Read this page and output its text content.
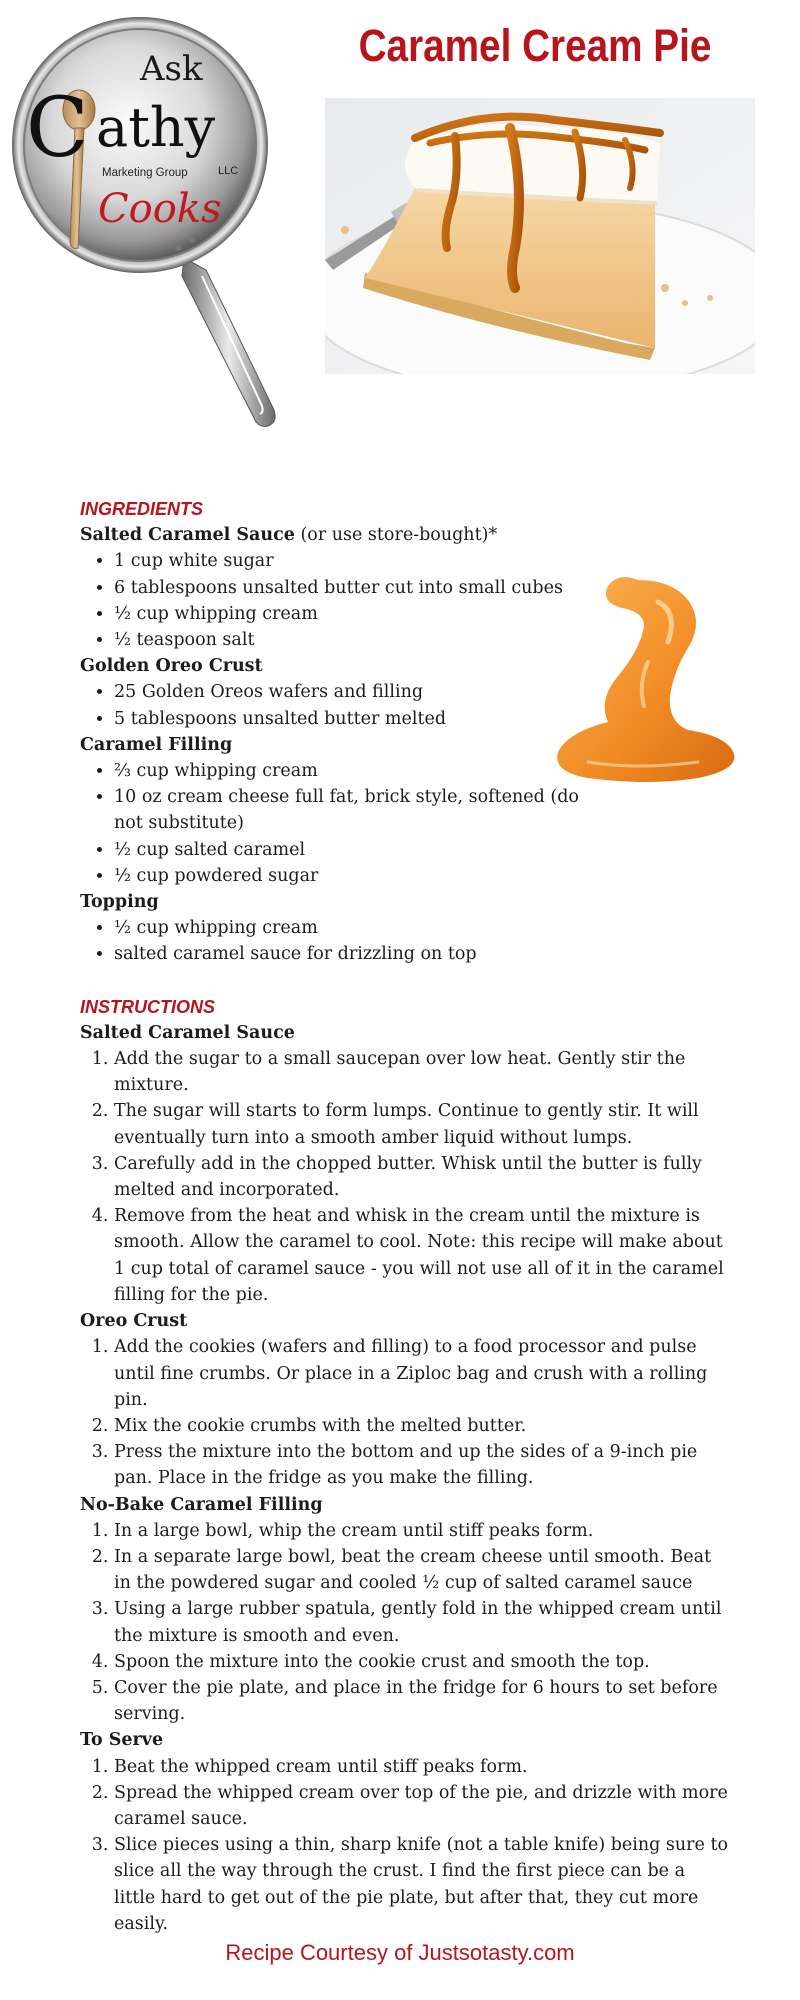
Ask
C athy
Marketing Group	LLC
Cooks
Caramel Cream Pie
INGREDIENTS
Salted Caramel Sauce (or use store-bought)*
• 1 cup white sugar
• 6 tablespoons unsalted butter cut into small cubes
• ½ cup whipping cream
• ½ teaspoon salt
Golden Oreo Crust
• 25 Golden Oreos wafers and filling
• 5 tablespoons unsalted butter melted
Caramel Filling
• ⅔ cup whipping cream
• 10 oz cream cheese full fat, brick style, softened (do not substitute)
• ½ cup salted caramel
• ½ cup powdered sugar
Topping
• ½ cup whipping cream
• salted caramel sauce for drizzling on top
INSTRUCTIONS
Salted Caramel Sauce
1. Add the sugar to a small saucepan over low heat. Gently stir the mixture.
2. The sugar will starts to form lumps. Continue to gently stir. It will eventually turn into a smooth amber liquid without lumps.
3. Carefully add in the chopped butter. Whisk until the butter is fully melted and incorporated.
4. Remove from the heat and whisk in the cream until the mixture is smooth. Allow the caramel to cool. Note: this recipe will make about 1 cup total of caramel sauce - you will not use all of it in the caramel filling for the pie.
Oreo Crust
1. Add the cookies (wafers and filling) to a food processor and pulse until fine crumbs. Or place in a Ziploc bag and crush with a rolling pin.
2. Mix the cookie crumbs with the melted butter.
3. Press the mixture into the bottom and up the sides of a 9-inch pie pan. Place in the fridge as you make the filling.
No-Bake Caramel Filling
1. In a large bowl, whip the cream until stiff peaks form.
2. In a separate large bowl, beat the cream cheese until smooth. Beat in the powdered sugar and cooled ½ cup of salted caramel sauce
3. Using a large rubber spatula, gently fold in the whipped cream until the mixture is smooth and even.
4. Spoon the mixture into the cookie crust and smooth the top.
5. Cover the pie plate, and place in the fridge for 6 hours to set before serving.
To Serve
1. Beat the whipped cream until stiff peaks form.
2. Spread the whipped cream over top of the pie, and drizzle with more caramel sauce.
3. Slice pieces using a thin, sharp knife (not a table knife) being sure to slice all the way through the crust. I find the first piece can be a little hard to get out of the pie plate, but after that, they cut more easily.
Recipe Courtesy of Justsotasty.com
